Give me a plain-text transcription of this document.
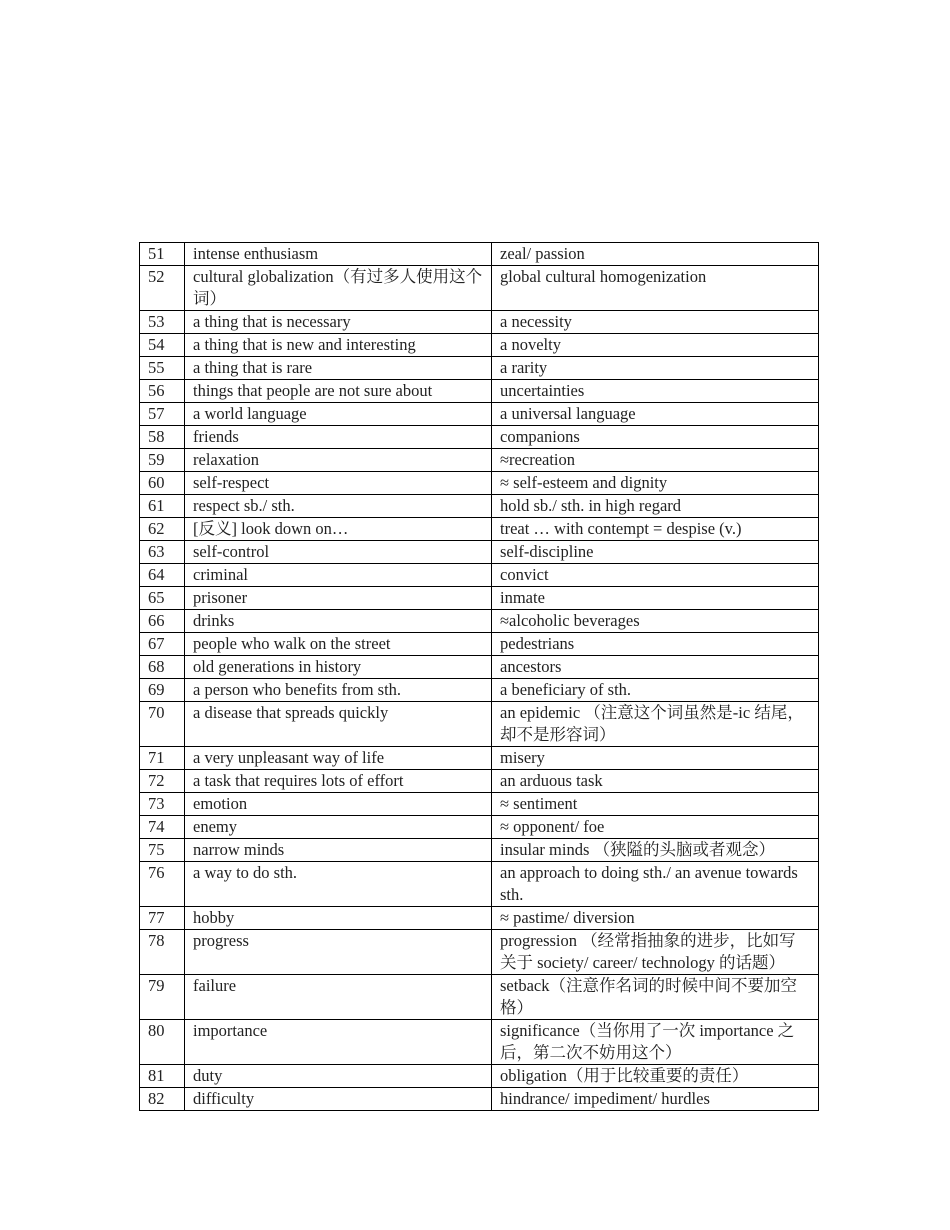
51	intense enthusiasm	zeal/ passion
52	cultural globalization（有过多人使用这个词）	global cultural homogenization
53	a thing that is necessary	a necessity
54	a thing that is new and interesting	a novelty
55	a thing that is rare	a rarity
56	things that people are not sure about	uncertainties
57	a world language	a universal language
58	friends	companions
59	relaxation	≈recreation
60	self-respect	≈ self-esteem and dignity
61	respect sb./ sth.	hold sb./ sth. in high regard
62	[反义] look down on…	treat … with contempt = despise (v.)
63	self-control	self-discipline
64	criminal	convict
65	prisoner	inmate
66	drinks	≈alcoholic beverages
67	people who walk on the street	pedestrians
68	old generations in history	ancestors
69	a person who benefits from sth.	a beneficiary of sth.
70	a disease that spreads quickly	an epidemic （注意这个词虽然是-ic 结尾，却不是形容词）
71	a very unpleasant way of life	misery
72	a task that requires lots of effort	an arduous task
73	emotion	≈ sentiment
74	enemy	≈ opponent/ foe
75	narrow minds	insular minds （狭隘的头脑或者观念）
76	a way to do sth.	an approach to doing sth./ an avenue towards sth.
77	hobby	≈ pastime/ diversion
78	progress	progression （经常指抽象的进步，比如写关于 society/ career/ technology 的话题）
79	failure	setback（注意作名词的时候中间不要加空格）
80	importance	significance（当你用了一次 importance 之后，第二次不妨用这个）
81	duty	obligation（用于比较重要的责任）
82	difficulty	hindrance/ impediment/ hurdles
